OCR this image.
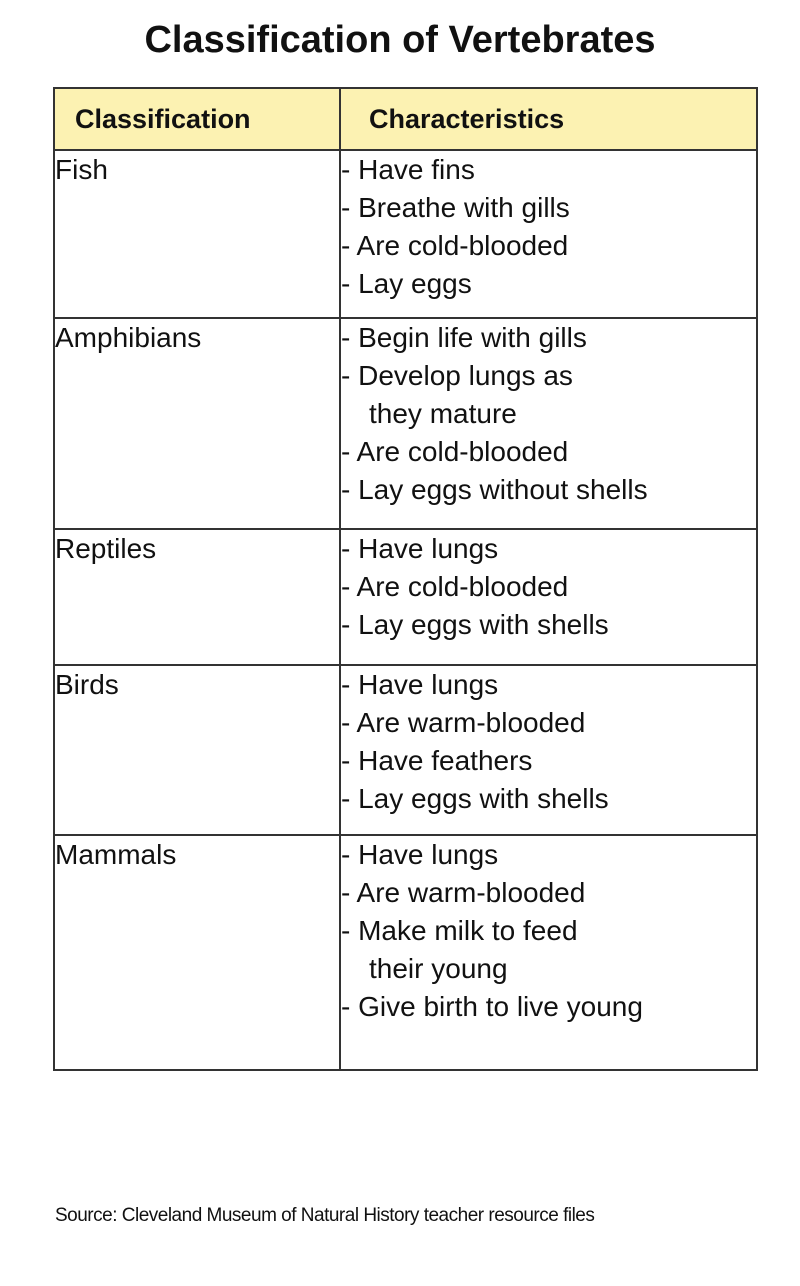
Classification of Vertebrates
Classification	Characteristics
Fish	- Have fins
- Breathe with gills
- Are cold-blooded
- Lay eggs

Amphibians	- Begin life with gills
- Develop lungs as
they mature
- Are cold-blooded
- Lay eggs without shells

Reptiles	- Have lungs
- Are cold-blooded
- Lay eggs with shells

Birds	- Have lungs
- Are warm-blooded
- Have feathers
- Lay eggs with shells

Mammals	- Have lungs
- Are warm-blooded
- Make milk to feed
their young
- Give birth to live young
Source: Cleveland Museum of Natural History teacher resource files
